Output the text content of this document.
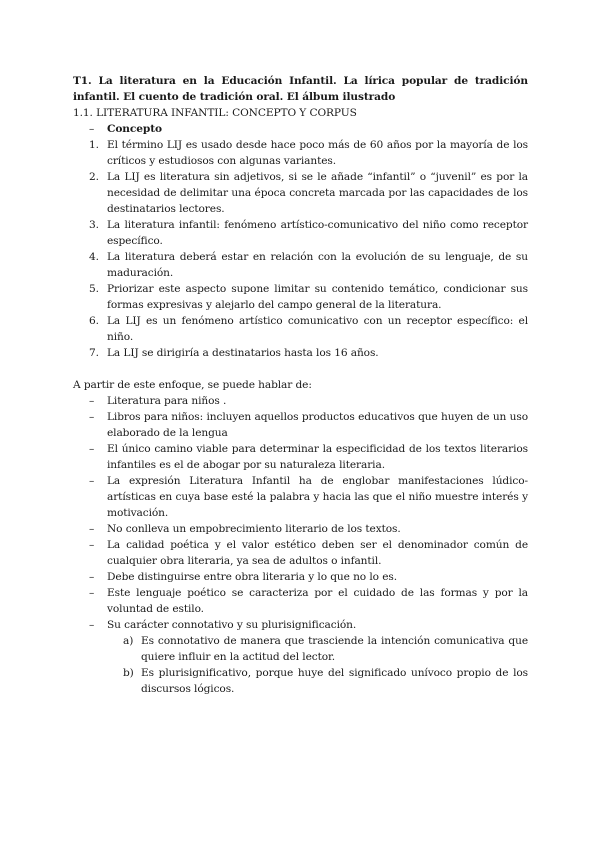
T1. La literatura en la Educación Infantil. La lírica popular de tradición infantil. El cuento de tradición oral. El álbum ilustrado

1.1. LITERATURA INFANTIL: CONCEPTO Y CORPUS

– Concepto
1. El término LIJ es usado desde hace poco más de 60 años por la mayoría de los críticos y estudiosos con algunas variantes.
2. La LIJ es literatura sin adjetivos, si se le añade “infantil” o “juvenil” es por la necesidad de delimitar una época concreta marcada por las capacidades de los destinatarios lectores.
3. La literatura infantil: fenómeno artístico-comunicativo del niño como receptor específico.
4. La literatura deberá estar en relación con la evolución de su lenguaje, de su maduración.
5. Priorizar este aspecto supone limitar su contenido temático, condicionar sus formas expresivas y alejarlo del campo general de la literatura.
6. La LIJ es un fenómeno artístico comunicativo con un receptor específico: el niño.
7. La LIJ se dirigiría a destinatarios hasta los 16 años.

A partir de este enfoque, se puede hablar de:

– Literatura para niños .
– Libros para niños: incluyen aquellos productos educativos que huyen de un uso elaborado de la lengua
– El único camino viable para determinar la especificidad de los textos literarios infantiles es el de abogar por su naturaleza literaria.
– La expresión Literatura Infantil ha de englobar manifestaciones lúdico-artísticas en cuya base esté la palabra y hacia las que el niño muestre interés y motivación.
– No conlleva un empobrecimiento literario de los textos.
– La calidad poética y el valor estético deben ser el denominador común de cualquier obra literaria, ya sea de adultos o infantil.
– Debe distinguirse entre obra literaria y lo que no lo es.
– Este lenguaje poético se caracteriza por el cuidado de las formas y por la voluntad de estilo.
– Su carácter connotativo y su plurisignificación.
a) Es connotativo de manera que trasciende la intención comunicativa que quiere influir en la actitud del lector.
b) Es plurisignificativo, porque huye del significado unívoco propio de los discursos lógicos.
